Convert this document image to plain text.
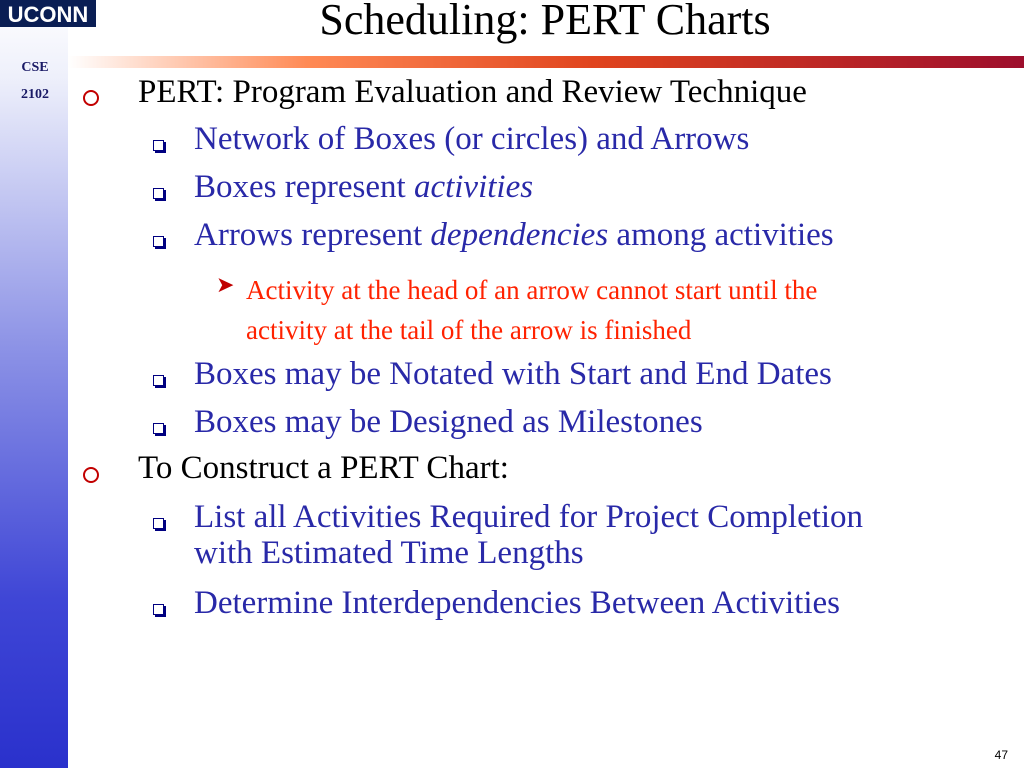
UCONN
CSE
2102
Scheduling: PERT Charts
PERT: Program Evaluation and Review Technique
Network of Boxes (or circles) and Arrows
Boxes represent activities
Arrows represent dependencies among activities
➤ Activity at the head of an arrow cannot start until the
activity at the tail of the arrow is finished
Boxes may be Notated with Start and End Dates
Boxes may be Designed as Milestones
To Construct a PERT Chart:
List all Activities Required for Project Completion
with Estimated Time Lengths
Determine Interdependencies Between Activities
47
